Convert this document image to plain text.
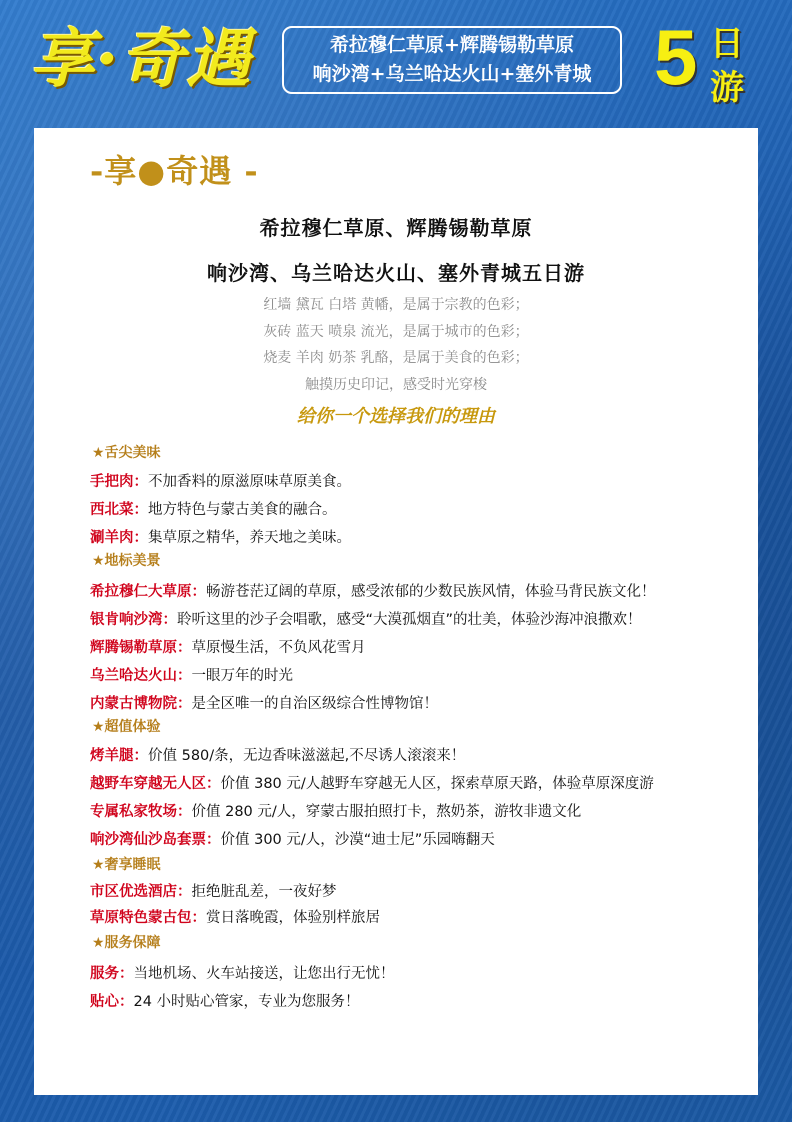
享·奇遇	希拉穆仁草原+辉腾锡勒草原
响沙湾+乌兰哈达火山+塞外青城 5 日
游
-享●奇遇 -
希拉穆仁草原、辉腾锡勒草原
响沙湾、乌兰哈达火山、塞外青城五日游
红墙 黛瓦 白塔 黄幡，是属于宗教的色彩；
灰砖 蓝天 喷泉 流光，是属于城市的色彩；
烧麦 羊肉 奶茶 乳酪，是属于美食的色彩；
触摸历史印记，感受时光穿梭
给你一个选择我们的理由
★舌尖美味
手把肉：不加香料的原滋原味草原美食。
西北菜：地方特色与蒙古美食的融合。
涮羊肉：集草原之精华，养天地之美味。
★地标美景
希拉穆仁大草原：畅游苍茫辽阔的草原，感受浓郁的少数民族风情，体验马背民族文化！
银肯响沙湾：聆听这里的沙子会唱歌，感受“大漠孤烟直”的壮美，体验沙海冲浪撒欢！
辉腾锡勒草原：草原慢生活，不负风花雪月
乌兰哈达火山：一眼万年的时光
内蒙古博物院：是全区唯一的自治区级综合性博物馆！
★超值体验
烤羊腿：价值 580/条，无边香味滋滋起,不尽诱人滚滚来！
越野车穿越无人区：价值 380 元/人越野车穿越无人区，探索草原天路，体验草原深度游
专属私家牧场：价值 280 元/人，穿蒙古服拍照打卡，熬奶茶，游牧非遗文化
响沙湾仙沙岛套票：价值 300 元/人，沙漠“迪士尼”乐园嗨翻天
★奢享睡眠
市区优选酒店：拒绝脏乱差，一夜好梦
草原特色蒙古包：赏日落晚霞，体验别样旅居
★服务保障
服务：当地机场、火车站接送，让您出行无忧！
贴心：24 小时贴心管家，专业为您服务！
